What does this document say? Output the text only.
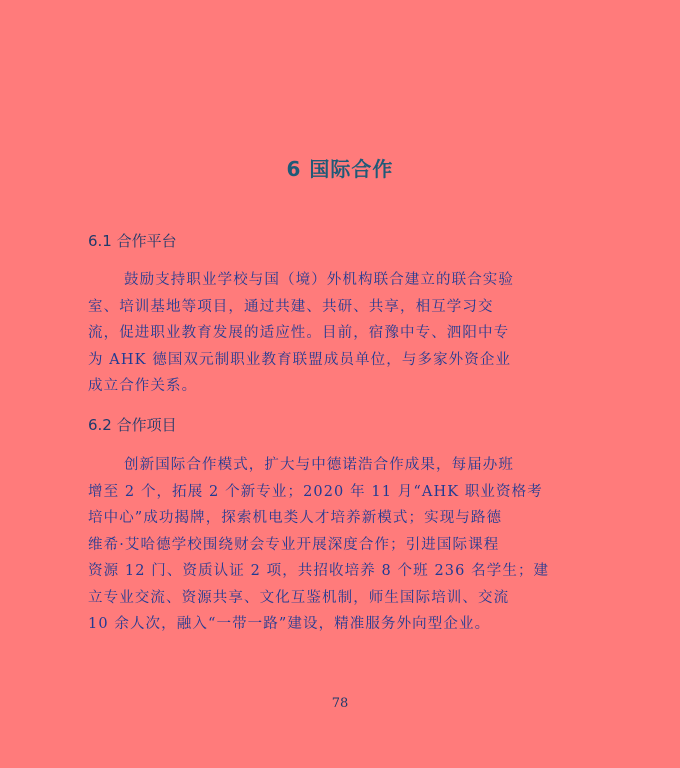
6 国际合作
6.1 合作平台

鼓励支持职业学校与国（境）外机构联合建立的联合实验
室、培训基地等项目，通过共建、共研、共享，相互学习交
流，促进职业教育发展的适应性。目前，宿豫中专、泗阳中专
为 AHK 德国双元制职业教育联盟成员单位，与多家外资企业
成立合作关系。

6.2 合作项目

创新国际合作模式，扩大与中德诺浩合作成果，每届办班
增至 2 个，拓展 2 个新专业；2020 年 11 月“AHK 职业资格考
培中心”成功揭牌，探索机电类人才培养新模式；实现与路德
维希·艾哈德学校围绕财会专业开展深度合作；引进国际课程
资源 12 门、资质认证 2 项，共招收培养 8 个班 236 名学生；建
立专业交流、资源共享、文化互鉴机制，师生国际培训、交流
10 余人次，融入“一带一路”建设，精准服务外向型企业。

78
